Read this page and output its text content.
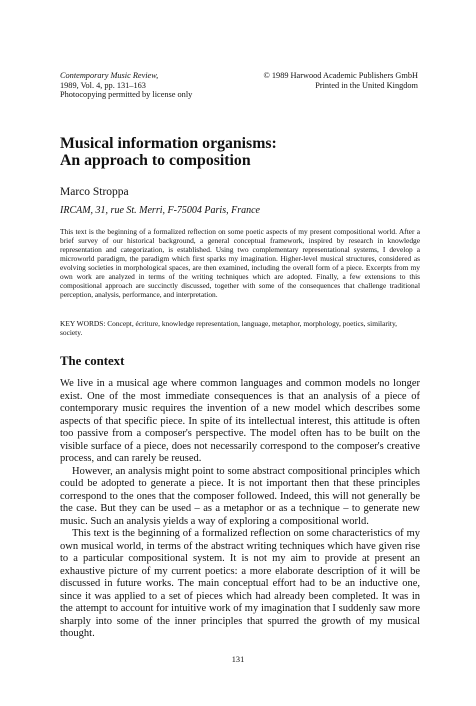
Contemporary Music Review,
1989, Vol. 4, pp. 131–163
Photocopying permitted by license only
© 1989 Harwood Academic Publishers GmbH
Printed in the United Kingdom
Musical information organisms:
An approach to composition
Marco Stroppa
IRCAM, 31, rue St. Merri, F-75004 Paris, France
This text is the beginning of a formalized reflection on some poetic aspects of my present compositional world. After a brief survey of our historical background, a general conceptual framework, inspired by research in knowledge representation and categorization, is established. Using two complementary representational systems, I develop a microworld paradigm, the paradigm which first sparks my imagination. Higher-level musical structures, considered as evolving societies in morphological spaces, are then examined, including the overall form of a piece. Excerpts from my own work are analyzed in terms of the writing techniques which are adopted. Finally, a few extensions to this compositional approach are succinctly discussed, together with some of the consequences that challenge traditional perception, analysis, performance, and interpretation.
KEY WORDS: Concept, écriture, knowledge representation, language, metaphor, morphology, poetics, similarity, society.
The context

We live in a musical age where common languages and common models no longer exist. One of the most immediate consequences is that an analysis of a piece of contemporary music requires the invention of a new model which describes some aspects of that specific piece. In spite of its intellectual interest, this attitude is often too passive from a composer's perspective. The model often has to be built on the visible surface of a piece, does not necessarily correspond to the composer's creative process, and can rarely be reused.

However, an analysis might point to some abstract compositional principles which could be adopted to generate a piece. It is not important then that these principles correspond to the ones that the composer followed. Indeed, this will not generally be the case. But they can be used – as a metaphor or as a technique – to generate new music. Such an analysis yields a way of exploring a compositional world.

This text is the beginning of a formalized reflection on some characteristics of my own musical world, in terms of the abstract writing techniques which have given rise to a particular compositional system. It is not my aim to provide at present an exhaustive picture of my current poetics: a more elaborate description of it will be discussed in future works. The main conceptual effort had to be an inductive one, since it was applied to a set of pieces which had already been completed. It was in the attempt to account for intuitive work of my imagination that I suddenly saw more sharply into some of the inner principles that spurred the growth of my musical thought.

131
